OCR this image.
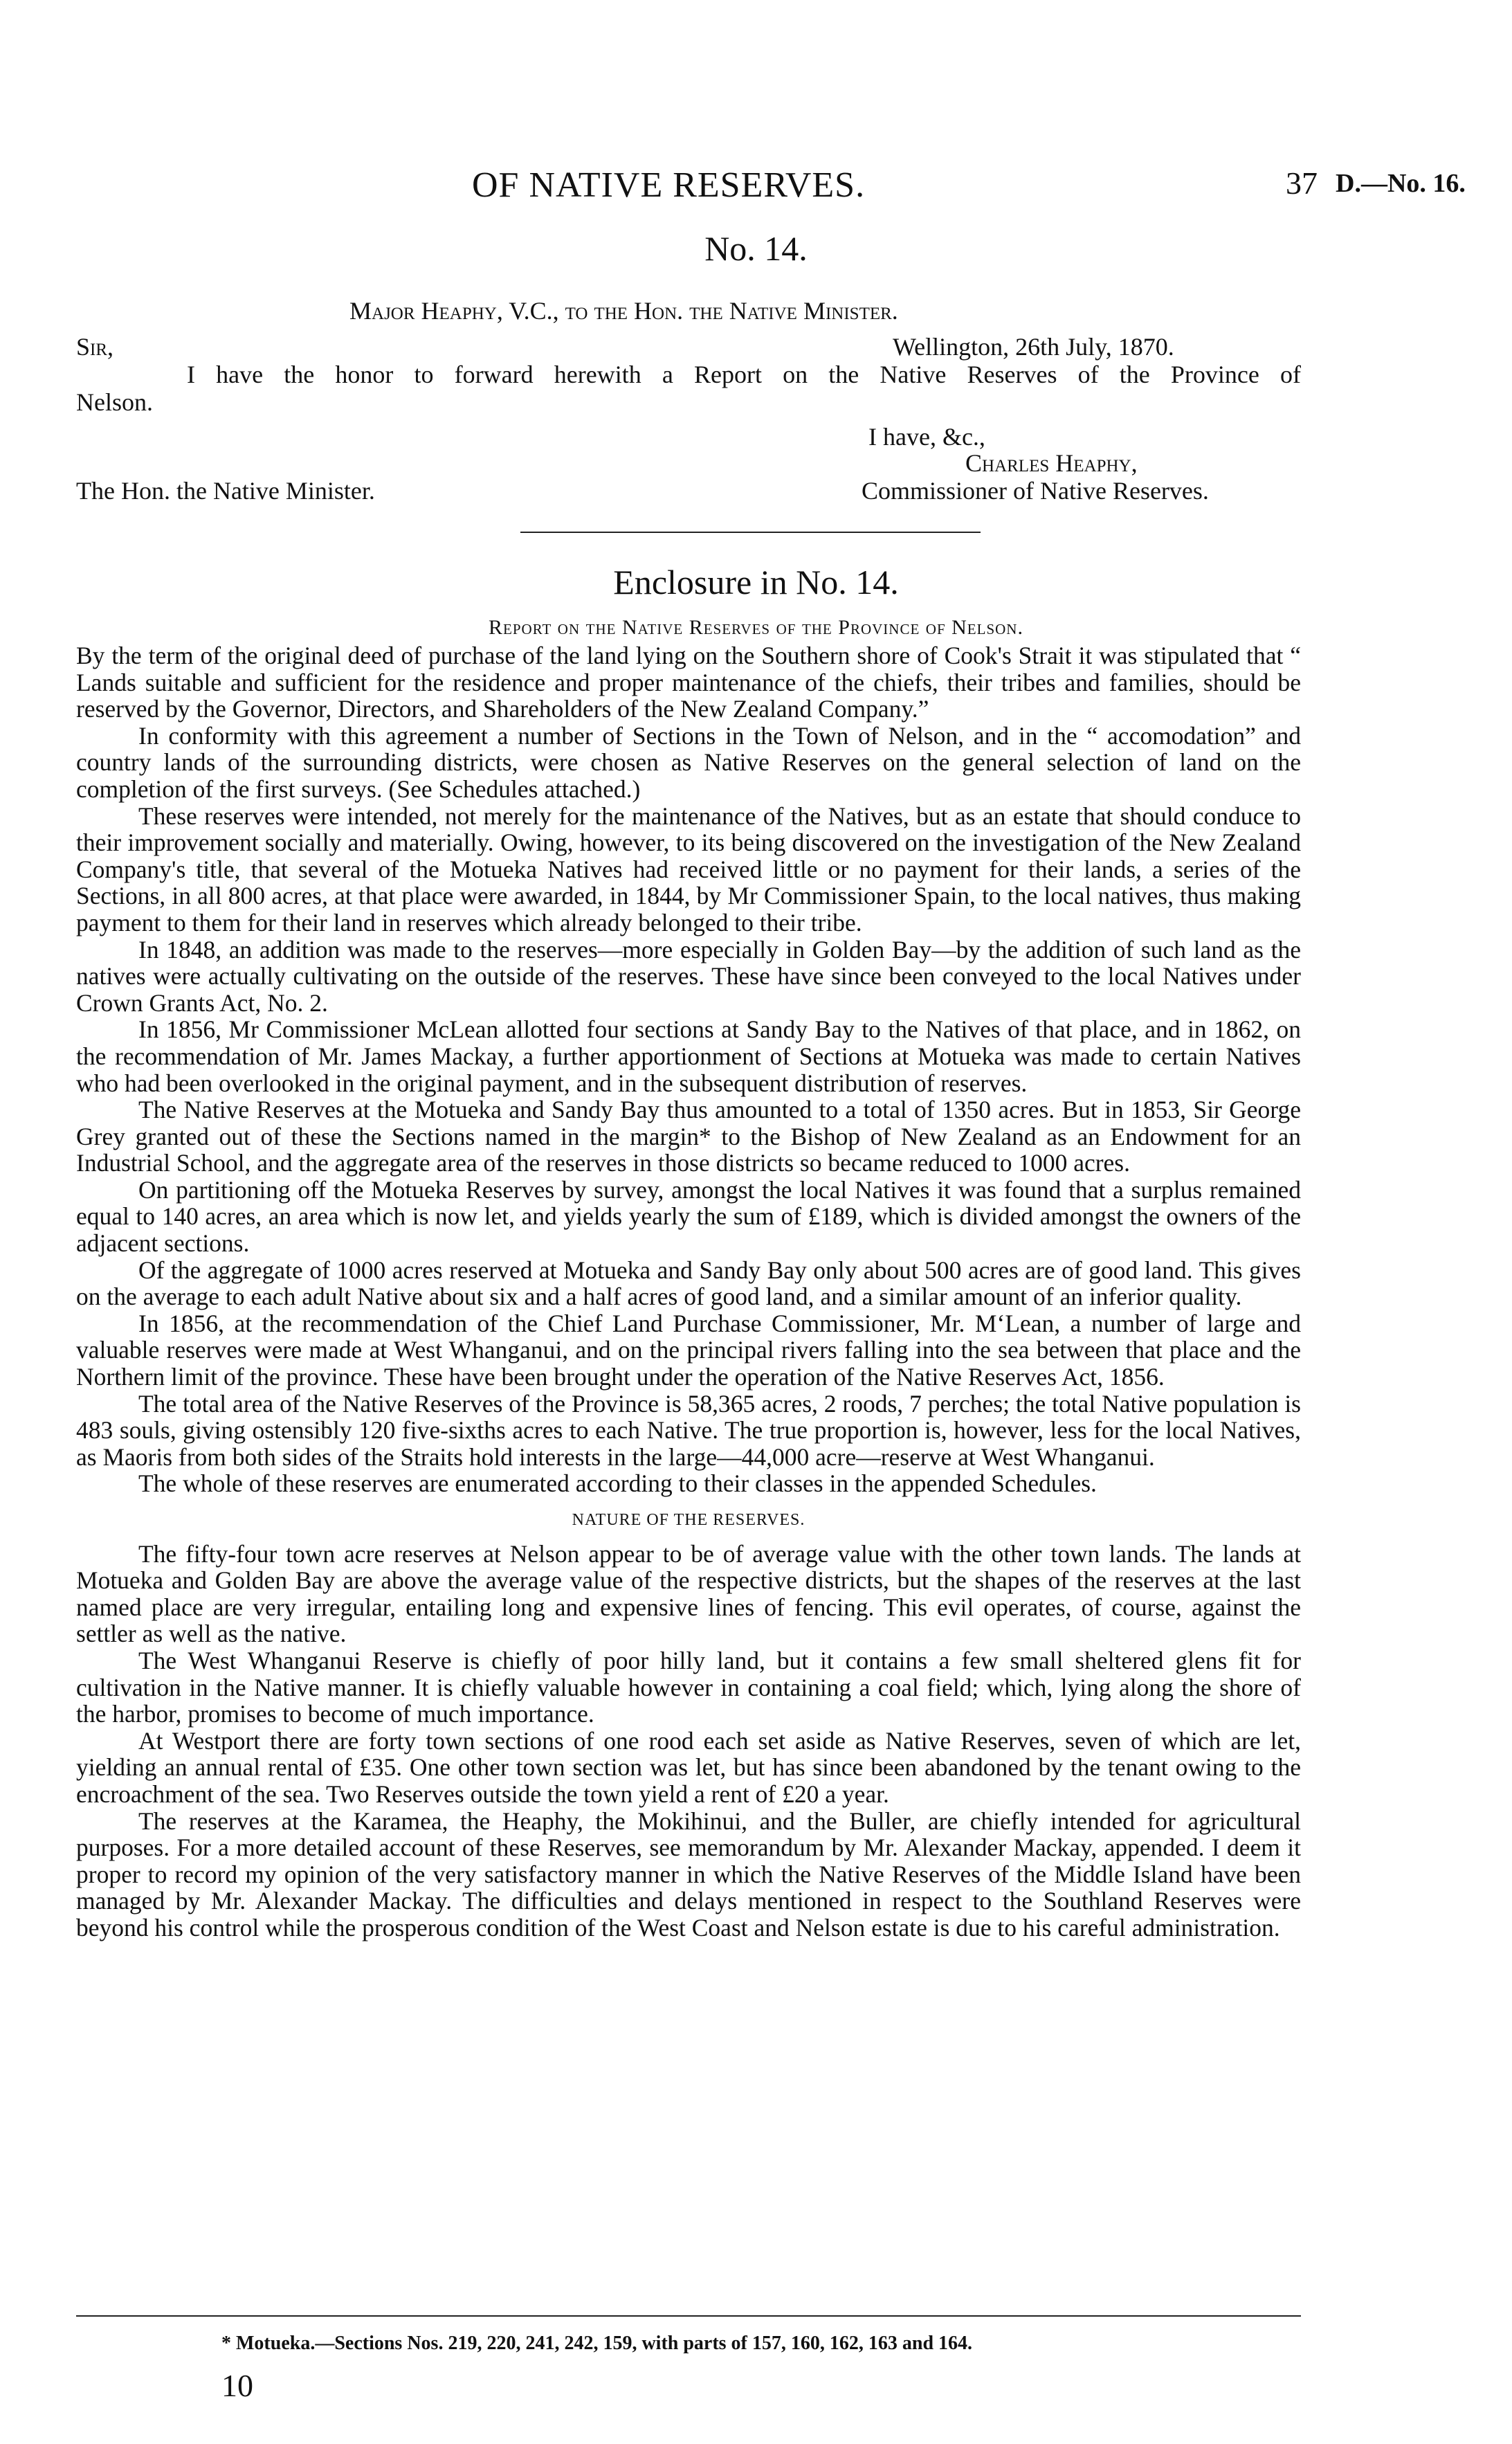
OF NATIVE RESERVES.	37 D.—No. 16.
No. 14.
Major Heaphy, V.C., to the Hon. the Native Minister.
Sir,	Wellington, 26th July, 1870.
I have the honor to forward herewith a Report on the Native Reserves of the Province of
Nelson.
I have, &c.,
Charles Heaphy,
Commissioner of Native Reserves.
The Hon. the Native Minister.
Enclosure in No. 14.
Report on the Native Reserves of the Province of Nelson.

By the term of the original deed of purchase of the land lying on the Southern shore of Cook's Strait it was stipulated that “ Lands suitable and sufficient for the residence and proper maintenance of the chiefs, their tribes and families, should be reserved by the Governor, Directors, and Shareholders of the New Zealand Company.”

In conformity with this agreement a number of Sections in the Town of Nelson, and in the “ accomodation” and country lands of the surrounding districts, were chosen as Native Reserves on the general selection of land on the completion of the first surveys. (See Schedules attached.)

These reserves were intended, not merely for the maintenance of the Natives, but as an estate that should conduce to their improvement socially and materially. Owing, however, to its being discovered on the investigation of the New Zealand Company's title, that several of the Motueka Natives had received little or no payment for their lands, a series of the Sections, in all 800 acres, at that place were awarded, in 1844, by Mr Commissioner Spain, to the local natives, thus making payment to them for their land in reserves which already belonged to their tribe.

In 1848, an addition was made to the reserves—more especially in Golden Bay—by the addition of such land as the natives were actually cultivating on the outside of the reserves. These have since been conveyed to the local Natives under Crown Grants Act, No. 2.

In 1856, Mr Commissioner McLean allotted four sections at Sandy Bay to the Natives of that place, and in 1862, on the recommendation of Mr. James Mackay, a further apportionment of Sections at Motueka was made to certain Natives who had been overlooked in the original payment, and in the subsequent distribution of reserves.

The Native Reserves at the Motueka and Sandy Bay thus amounted to a total of 1350 acres. But in 1853, Sir George Grey granted out of these the Sections named in the margin* to the Bishop of New Zealand as an Endowment for an Industrial School, and the aggregate area of the reserves in those districts so became reduced to 1000 acres.

On partitioning off the Motueka Reserves by survey, amongst the local Natives it was found that a surplus remained equal to 140 acres, an area which is now let, and yields yearly the sum of £189, which is divided amongst the owners of the adjacent sections.

Of the aggregate of 1000 acres reserved at Motueka and Sandy Bay only about 500 acres are of good land. This gives on the average to each adult Native about six and a half acres of good land, and a similar amount of an inferior quality.

In 1856, at the recommendation of the Chief Land Purchase Commissioner, Mr. M‘Lean, a number of large and valuable reserves were made at West Whanganui, and on the principal rivers falling into the sea between that place and the Northern limit of the province. These have been brought under the operation of the Native Reserves Act, 1856.

The total area of the Native Reserves of the Province is 58,365 acres, 2 roods, 7 perches; the total Native population is 483 souls, giving ostensibly 120 five-sixths acres to each Native. The true proportion is, however, less for the local Natives, as Maoris from both sides of the Straits hold interests in the large—44,000 acre—reserve at West Whanganui.

The whole of these reserves are enumerated according to their classes in the appended Schedules.

NATURE OF THE RESERVES.

The fifty-four town acre reserves at Nelson appear to be of average value with the other town lands. The lands at Motueka and Golden Bay are above the average value of the respective districts, but the shapes of the reserves at the last named place are very irregular, entailing long and expensive lines of fencing. This evil operates, of course, against the settler as well as the native.

The West Whanganui Reserve is chiefly of poor hilly land, but it contains a few small sheltered glens fit for cultivation in the Native manner. It is chiefly valuable however in containing a coal field; which, lying along the shore of the harbor, promises to become of much importance.

At Westport there are forty town sections of one rood each set aside as Native Reserves, seven of which are let, yielding an annual rental of £35. One other town section was let, but has since been abandoned by the tenant owing to the encroachment of the sea. Two Reserves outside the town yield a rent of £20 a year.

The reserves at the Karamea, the Heaphy, the Mokihinui, and the Buller, are chiefly intended for agricultural purposes. For a more detailed account of these Reserves, see memorandum by Mr. Alexander Mackay, appended. I deem it proper to record my opinion of the very satisfactory manner in which the Native Reserves of the Middle Island have been managed by Mr. Alexander Mackay. The difficulties and delays mentioned in respect to the Southland Reserves were beyond his control while the prosperous condition of the West Coast and Nelson estate is due to his careful administration.

* Motueka.—Sections Nos. 219, 220, 241, 242, 159, with parts of 157, 160, 162, 163 and 164.
10
